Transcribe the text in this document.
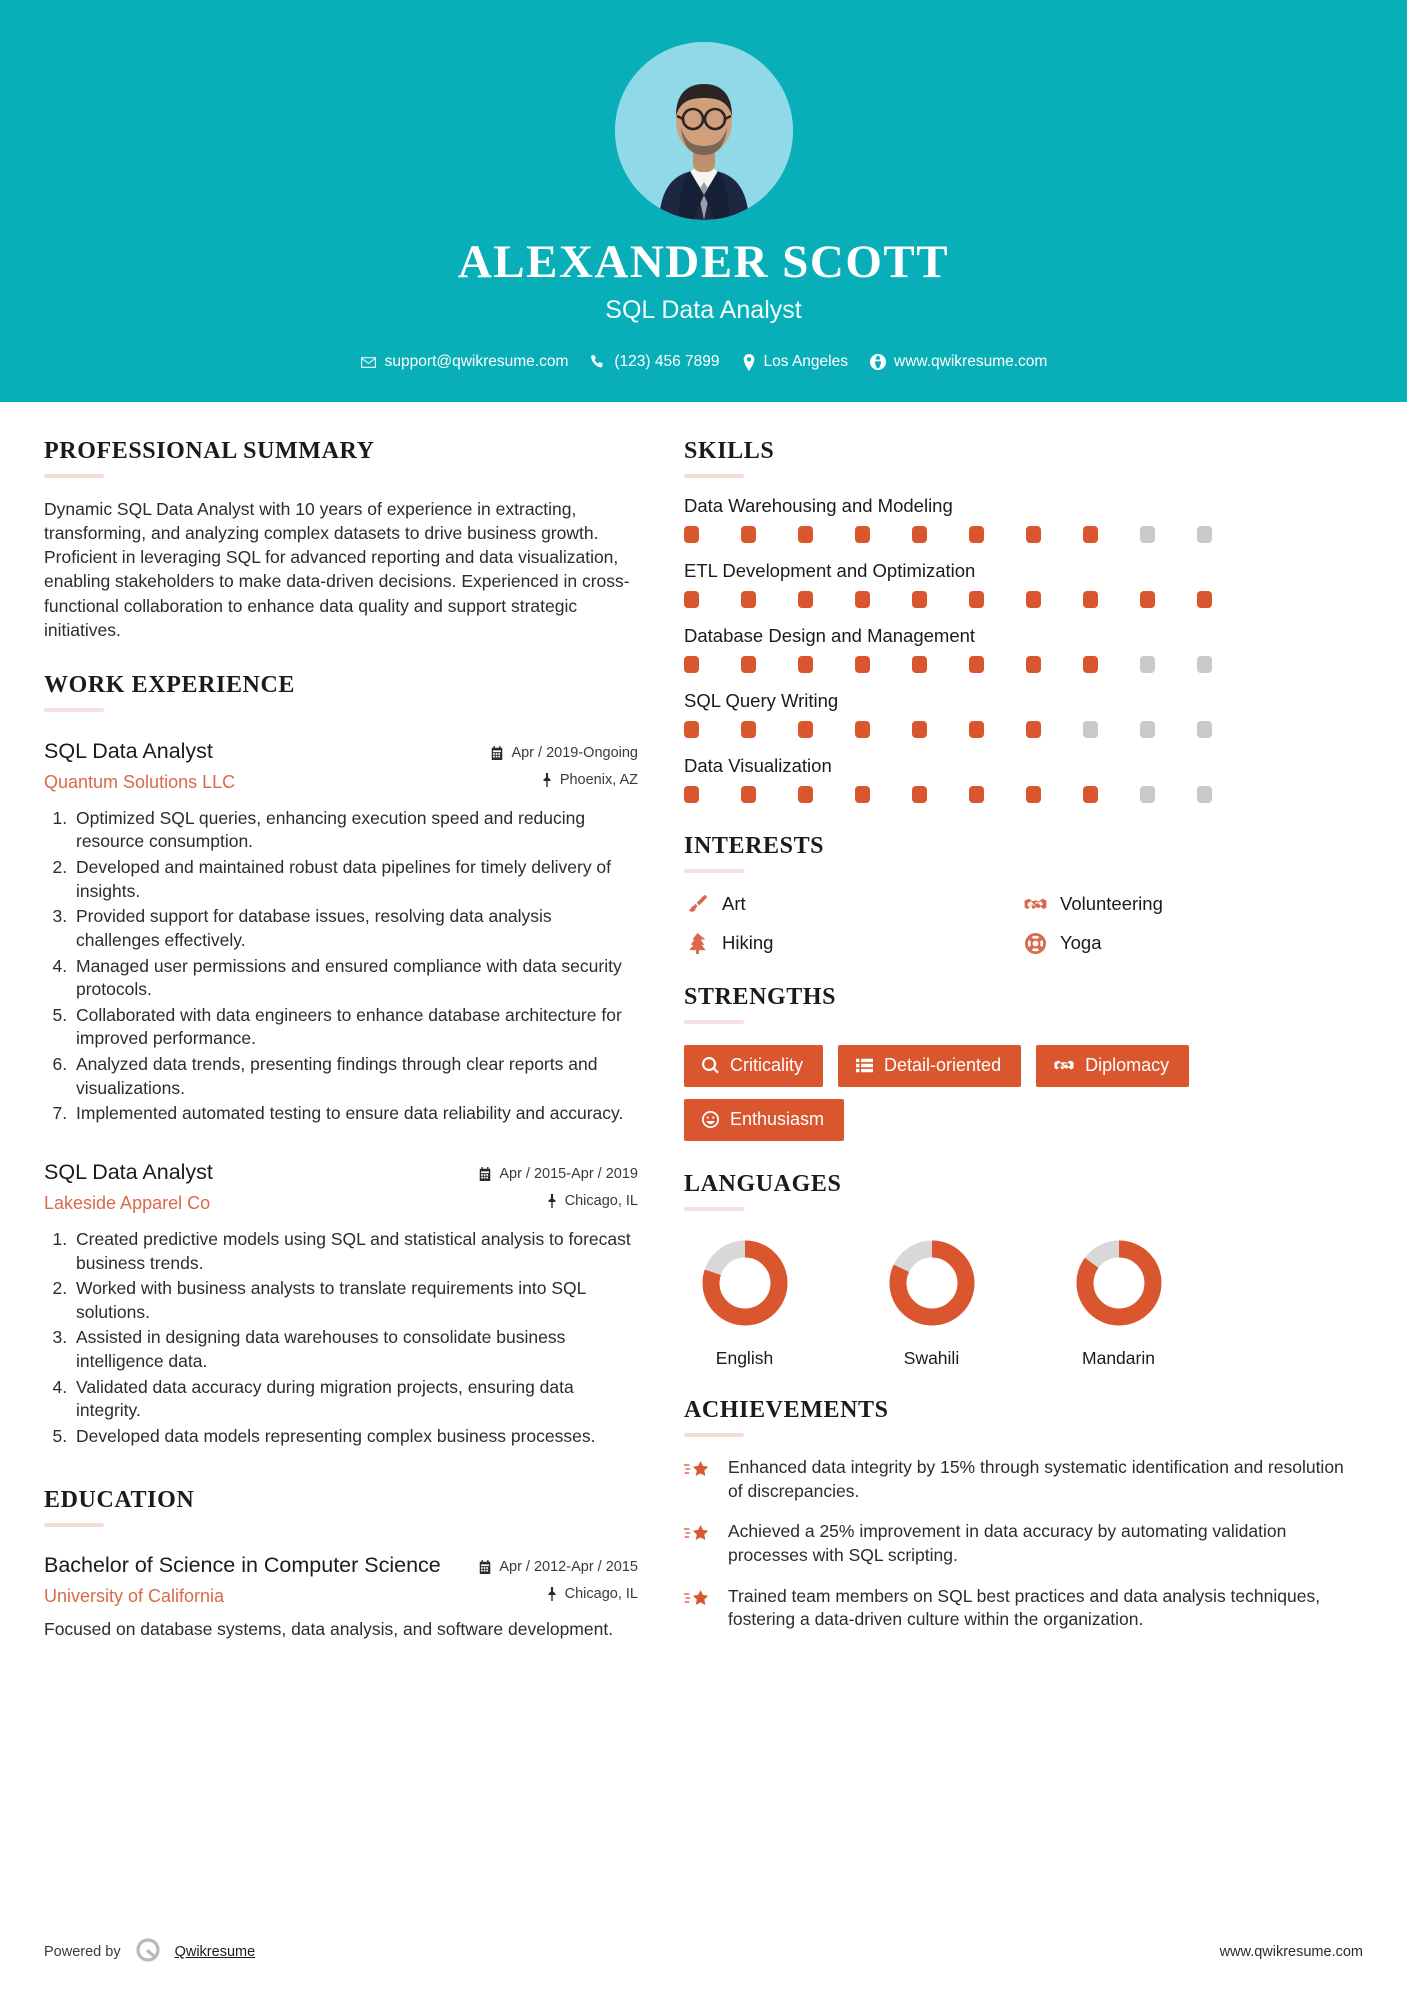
ALEXANDER SCOTT
SQL Data Analyst
support@qwikresume.com	(123) 456 7899	Los Angeles	www.qwikresume.com
PROFESSIONAL SUMMARY
Dynamic SQL Data Analyst with 10 years of experience in extracting, transforming, and analyzing complex datasets to drive business growth. Proficient in leveraging SQL for advanced reporting and data visualization, enabling stakeholders to make data-driven decisions. Experienced in cross-functional collaboration to enhance data quality and support strategic initiatives.
WORK EXPERIENCE
SQL Data Analyst
Quantum Solutions LLC
Apr / 2019-Ongoing
Phoenix, AZ
1. Optimized SQL queries, enhancing execution speed and reducing resource consumption.
2. Developed and maintained robust data pipelines for timely delivery of insights.
3. Provided support for database issues, resolving data analysis challenges effectively.
4. Managed user permissions and ensured compliance with data security protocols.
5. Collaborated with data engineers to enhance database architecture for improved performance.
6. Analyzed data trends, presenting findings through clear reports and visualizations.
7. Implemented automated testing to ensure data reliability and accuracy.
SQL Data Analyst
Lakeside Apparel Co
Apr / 2015-Apr / 2019
Chicago, IL
1. Created predictive models using SQL and statistical analysis to forecast business trends.
2. Worked with business analysts to translate requirements into SQL solutions.
3. Assisted in designing data warehouses to consolidate business intelligence data.
4. Validated data accuracy during migration projects, ensuring data integrity.
5. Developed data models representing complex business processes.
EDUCATION
Bachelor of Science in Computer Science
University of California
Apr / 2012-Apr / 2015
Chicago, IL
Focused on database systems, data analysis, and software development.
SKILLS
Data Warehousing and Modeling
ETL Development and Optimization
Database Design and Management
SQL Query Writing
Data Visualization
INTERESTS
Art	Volunteering
Hiking	Yoga
STRENGTHS
Criticality	Detail-oriented	Diplomacy
Enthusiasm
LANGUAGES
English	Swahili	Mandarin
ACHIEVEMENTS
Enhanced data integrity by 15% through systematic identification and resolution of discrepancies.
Achieved a 25% improvement in data accuracy by automating validation processes with SQL scripting.
Trained team members on SQL best practices and data analysis techniques, fostering a data-driven culture within the organization.
Powered by	Qwikresume	www.qwikresume.com
